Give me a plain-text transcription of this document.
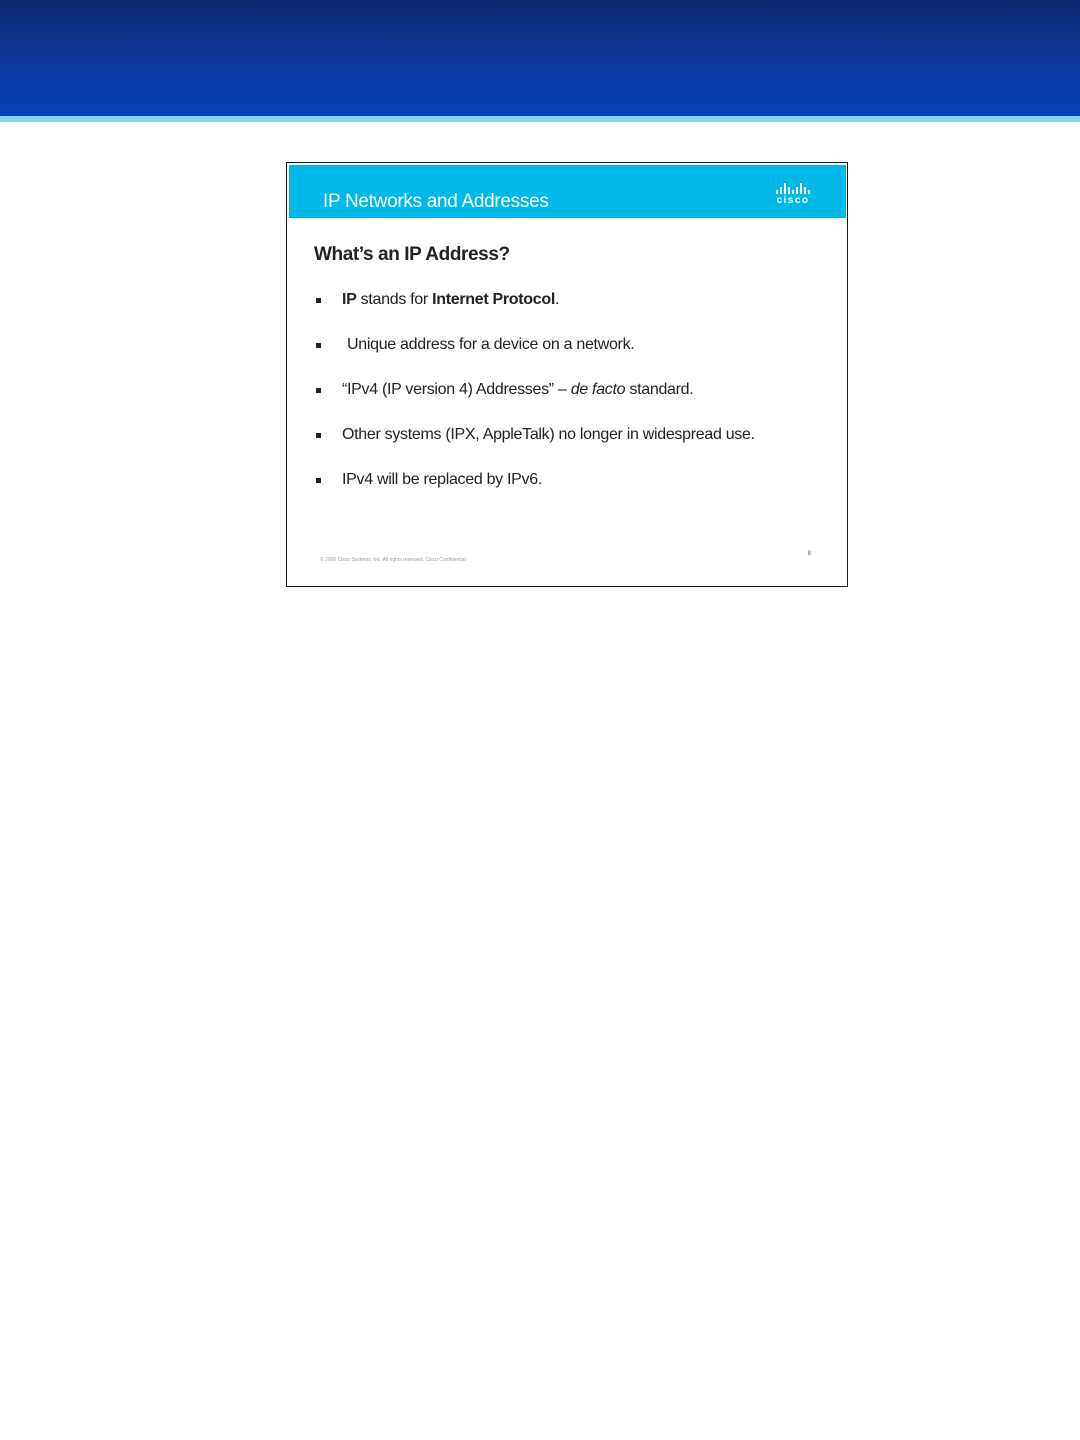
IP Networks and Addresses	cisco
What’s an IP Address?
IP stands for Internet Protocol.
Unique address for a device on a network.
“IPv4 (IP version 4) Addresses” – de facto standard.
Other systems (IPX, AppleTalk) no longer in widespread use.
IPv4 will be replaced by IPv6.
© 2006 Cisco Systems, Inc. All rights reserved. Cisco Confidential
8
